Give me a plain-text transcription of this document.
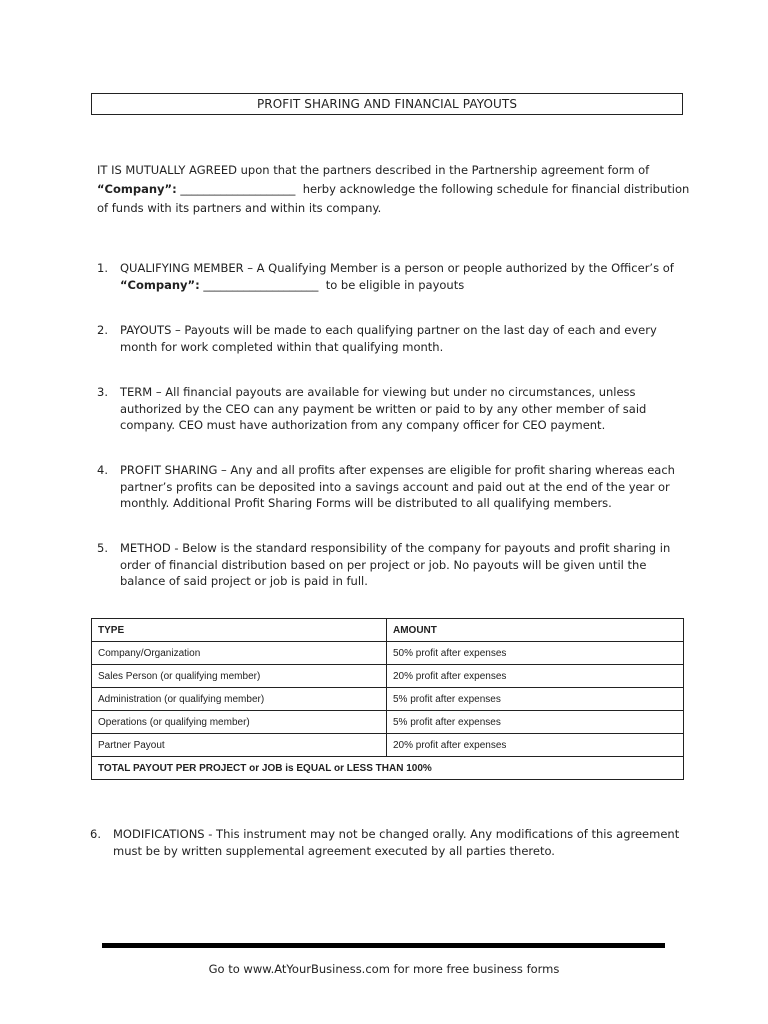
PROFIT SHARING AND FINANCIAL PAYOUTS

IT IS MUTUALLY AGREED upon that the partners described in the Partnership agreement form of
“Company”: ____________________ herby acknowledge the following schedule for financial distribution of funds with its partners and within its company.

1. QUALIFYING MEMBER – A Qualifying Member is a person or people authorized by the Officer’s of
“Company”: ____________________ to be eligible in payouts
2. PAYOUTS – Payouts will be made to each qualifying partner on the last day of each and every month for work completed within that qualifying month.
3. TERM – All financial payouts are available for viewing but under no circumstances, unless authorized by the CEO can any payment be written or paid to by any other member of said company. CEO must have authorization from any company officer for CEO payment.
4. PROFIT SHARING – Any and all profits after expenses are eligible for profit sharing whereas each partner’s profits can be deposited into a savings account and paid out at the end of the year or monthly. Additional Profit Sharing Forms will be distributed to all qualifying members.
5. METHOD - Below is the standard responsibility of the company for payouts and profit sharing in order of financial distribution based on per project or job. No payouts will be given until the balance of said project or job is paid in full.
TYPE	AMOUNT
Company/Organization	50% profit after expenses
Sales Person (or qualifying member)	20% profit after expenses
Administration (or qualifying member)	5% profit after expenses
Operations (or qualifying member)	5% profit after expenses
Partner Payout	20% profit after expenses
TOTAL PAYOUT PER PROJECT or JOB is EQUAL or LESS THAN 100%	
6. MODIFICATIONS - This instrument may not be changed orally. Any modifications of this agreement must be by written supplemental agreement executed by all parties thereto.
Go to www.AtYourBusiness.com for more free business forms
